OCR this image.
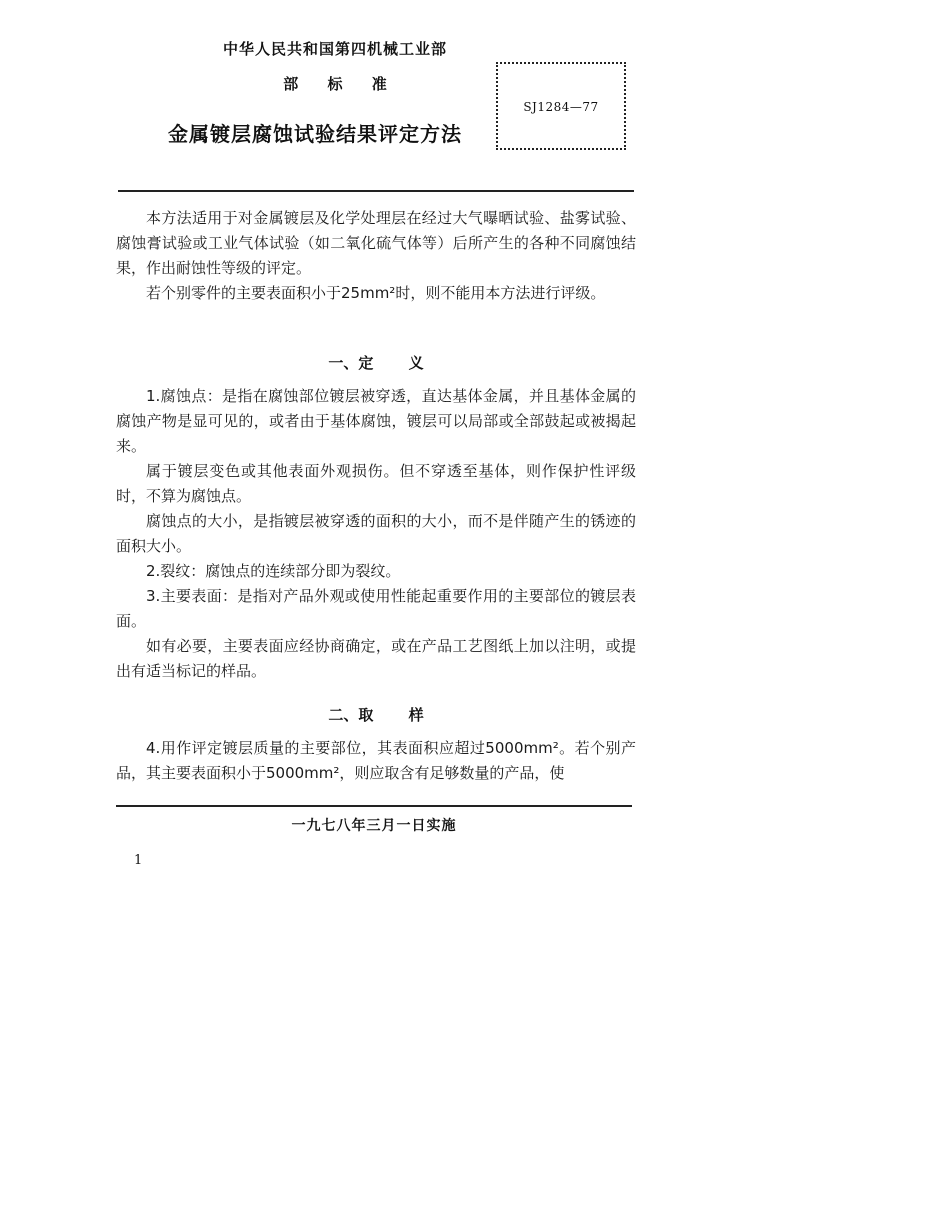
中华人民共和国第四机械工业部
部 标 准
金属镀层腐蚀试验结果评定方法
SJ1284—77

本方法适用于对金属镀层及化学处理层在经过大气曝晒试验、盐雾试验、腐蚀膏试验或工业气体试验（如二氧化硫气体等）后所产生的各种不同腐蚀结果，作出耐蚀性等级的评定。

若个别零件的主要表面积小于25mm²时，则不能用本方法进行评级。

一、定 义

1.腐蚀点：是指在腐蚀部位镀层被穿透，直达基体金属，并且基体金属的腐蚀产物是显可见的，或者由于基体腐蚀，镀层可以局部或全部鼓起或被揭起来。

属于镀层变色或其他表面外观损伤。但不穿透至基体，则作保护性评级时，不算为腐蚀点。

腐蚀点的大小，是指镀层被穿透的面积的大小，而不是伴随产生的锈迹的面积大小。

2.裂纹：腐蚀点的连续部分即为裂纹。

3.主要表面：是指对产品外观或使用性能起重要作用的主要部位的镀层表面。

如有必要，主要表面应经协商确定，或在产品工艺图纸上加以注明，或提出有适当标记的样品。

二、取 样

4.用作评定镀层质量的主要部位，其表面积应超过5000mm²。若个别产品，其主要表面积小于5000mm²，则应取含有足够数量的产品，使

一九七八年三月一日实施
1
